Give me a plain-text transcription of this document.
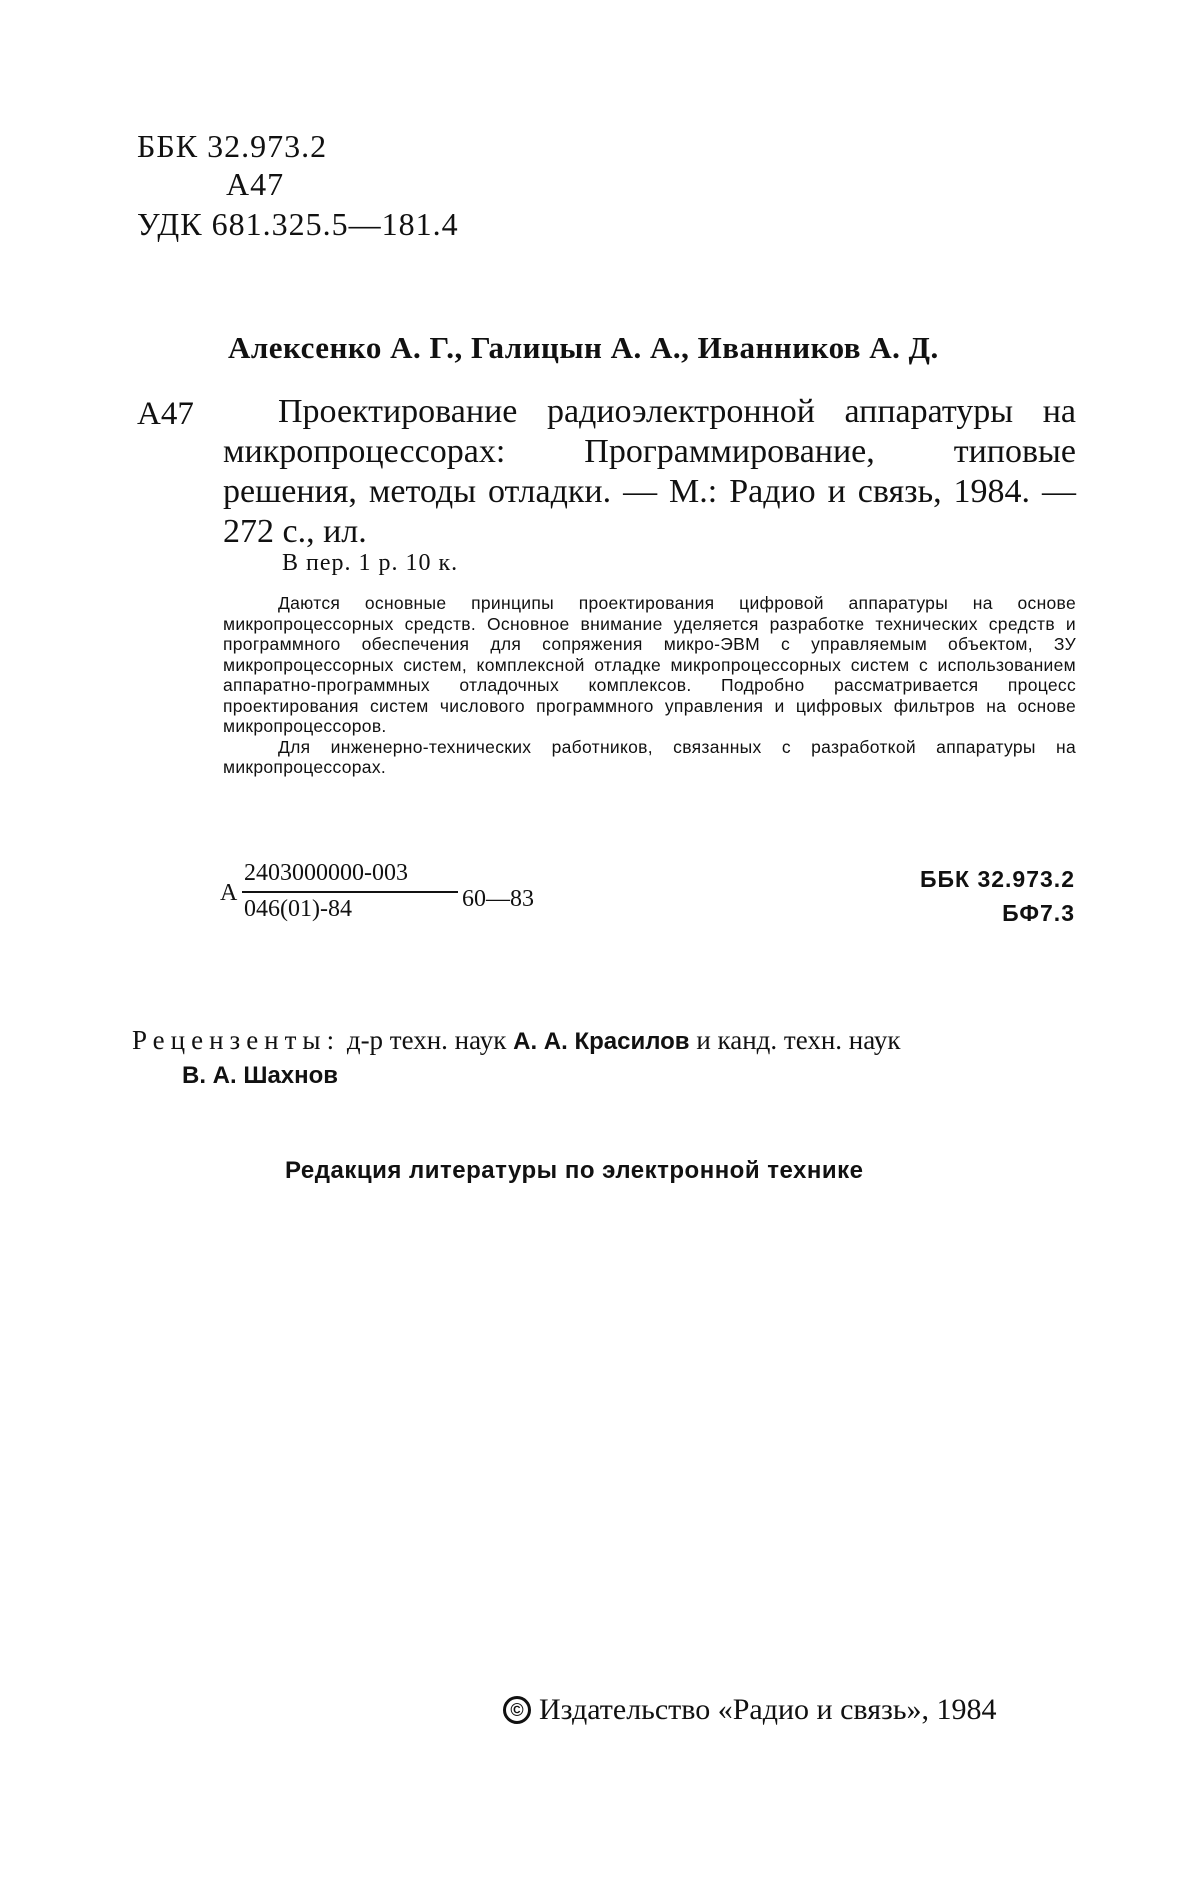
ББК 32.973.2
А47
УДК 681.325.5—181.4
Алексенко А. Г., Галицын А. А., Иванников А. Д.
А47	Проектирование радиоэлектронной аппаратуры на микропроцессорах: Программирование, типовые решения, методы отладки. — М.: Радио и связь, 1984. — 272 с., ил.
В пер. 1 р. 10 к.

Даются основные принципы проектирования цифровой аппаратуры на основе микропроцессорных средств. Основное внимание уделяется разработке технических средств и программного обеспечения для сопряжения микро-ЭВМ с управляемым объектом, ЗУ микропроцессорных систем, комплексной отладке микропроцессорных систем с использованием аппаратно-программных отладочных комплексов. Подробно рассматривается процесс проектирования систем числового программного управления и цифровых фильтров на основе микропроцессоров.

Для инженерно-технических работников, связанных с разработкой аппаратуры на микропроцессорах.

А
2403000000-003
046(01)-84	60—83
ББК 32.973.2
БФ7.3
Рецензенты: д-р техн. наук А. А. Красилов и канд. техн. наук
В. А. Шахнов
Редакция литературы по электронной технике
© Издательство «Радио и связь», 1984
